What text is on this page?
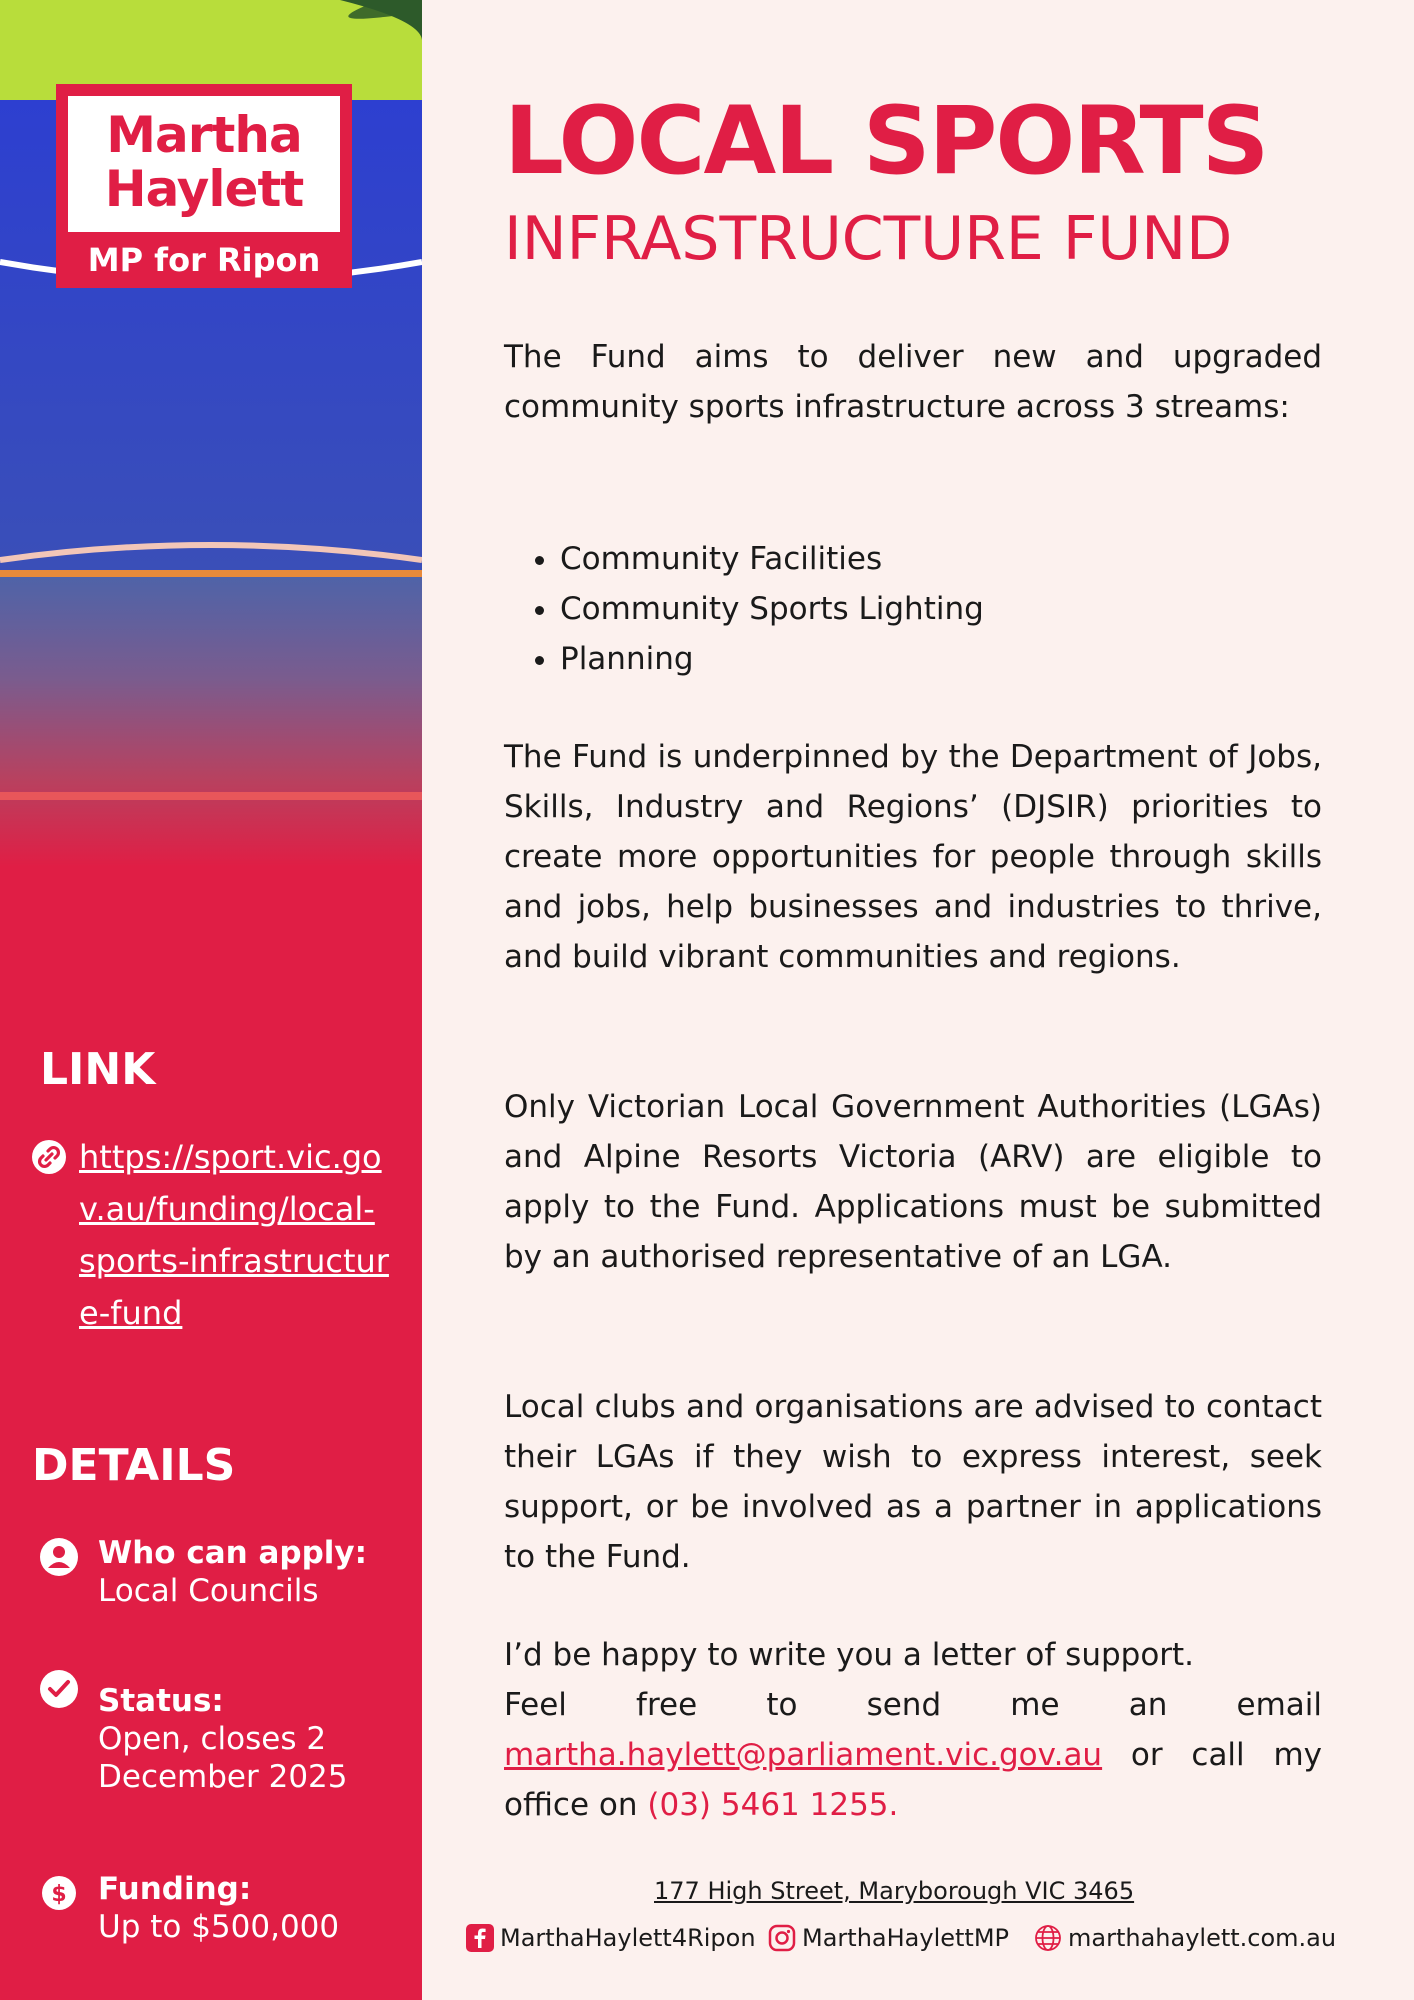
Martha
Haylett
MP for Ripon
LINK
https://sport.vic.gov.au/funding/local-sports-infrastructure-fund
DETAILS
Who can apply:
Local Councils
Status:
Open, closes 2 December 2025
$ Funding:
Up to $500,000
LOCAL SPORTS
INFRASTRUCTURE FUND
The Fund aims to deliver new and upgraded community sports infrastructure across 3 streams:
• Community Facilities
• Community Sports Lighting
• Planning
The Fund is underpinned by the Department of Jobs, Skills, Industry and Regions’ (DJSIR) priorities to create more opportunities for people through skills and jobs, help businesses and industries to thrive, and build vibrant communities and regions.
Only Victorian Local Government Authorities (LGAs) and Alpine Resorts Victoria (ARV) are eligible to apply to the Fund. Applications must be submitted by an authorised representative of an LGA.
Local clubs and organisations are advised to contact their LGAs if they wish to express interest, seek support, or be involved as a partner in applications to the Fund.
I’d be happy to write you a letter of support.
Feel free to send me an email martha.haylett@parliament.vic.gov.au or call my office on (03) 5461 1255.
177 High Street, Maryborough VIC 3465
MarthaHaylett4Ripon	MarthaHaylettMP	marthahaylett.com.au
